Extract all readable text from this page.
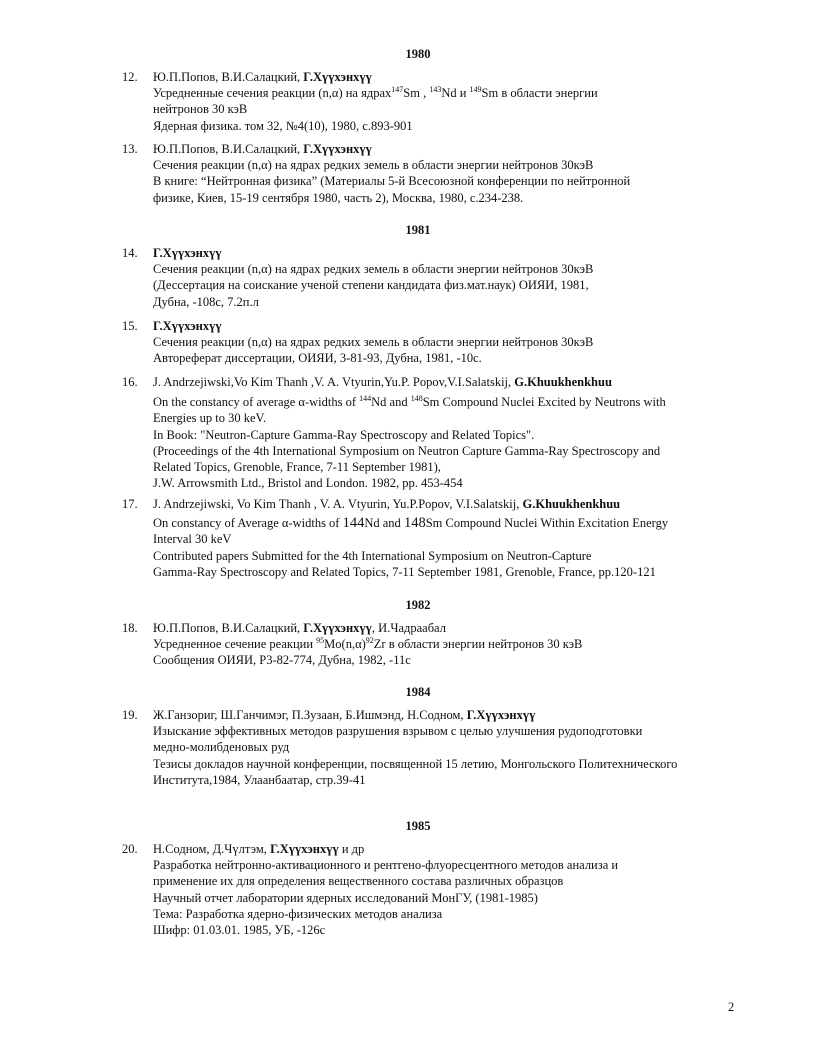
1980
12.	Ю.П.Попов, В.И.Салацкий, Г.Хүүхэнхүү
Усредненные сечения реакции (n,α) на ядрах$^{147}$Sm , $^{143}$Nd и $^{149}$Sm в области энергии
нейтронов 30 кэВ
Ядерная физика. том 32, №4(10), 1980, с.893-901
13.	Ю.П.Попов, В.И.Салацкий, Г.Хүүхэнхүү
Сечения реакции (n,α) на ядрах редких земель в области энергии нейтронов 30кэВ
В книге: “Нейтронная физика” (Материалы 5-й Всесоюзной конференции по нейтронной
физике, Киев, 15-19 сентября 1980, часть 2), Москва, 1980, с.234-238.
1981
14.	Г.Хүүхэнхүү
Сечения реакции (n,α) на ядрах редких земель в области энергии нейтронов 30кэВ
(Дессертация на соискание ученой степени кандидата физ.мат.наук) ОИЯИ, 1981,
Дубна, -108с, 7.2п.л
15.	Г.Хүүхэнхүү
Сечения реакции (n,α) на ядрах редких земель в области энергии нейтронов 30кэВ
Автореферат диссертации, ОИЯИ, 3-81-93, Дубна, 1981, -10с.
16.	J. Andrzejiwski,Vo Kim Thanh ,V. A. Vtyurin,Yu.P. Popov,V.I.Salatskij, G.Khuukhenkhuu
On the constancy of average α-widths of $^{144}$Nd and $^{148}$Sm Compound Nuclei Excited by Neutrons with
Energies up to 30 keV.
In Book: "Neutron-Capture Gamma-Ray Spectroscopy and Related Topics".
(Proceedings of the 4th International Symposium on Neutron Capture Gamma-Ray Spectroscopy and
Related Topics, Grenoble, France, 7-11 September 1981),
J.W. Arrowsmith Ltd., Bristol and London. 1982, pp. 453-454
17.	J. Andrzejiwski, Vo Kim Thanh , V. A. Vtyurin, Yu.P.Popov, V.I.Salatskij, G.Khuukhenkhuu
On constancy of Average α-widths of 144Nd and 148Sm Compound Nuclei Within Excitation Energy
Interval 30 keV
Contributed papers Submitted for the 4th International Symposium on Neutron-Capture
Gamma-Ray Spectroscopy and Related Topics, 7-11 September 1981, Grenoble, France, pp.120-121
1982
18.	Ю.П.Попов, В.И.Салацкий, Г.Хүүхэнхүү, И.Чадраабал
Усредненное сечение реакции $^{95}Mo(n,\alpha)^{92}Zr$ в области энергии нейтронов 30 кэВ
Сообщения ОИЯИ, Р3-82-774, Дубна, 1982, -11с
1984
19.	Ж.Ганзориг, Ш.Ганчимэг, П.Зузаан, Б.Ишмэнд, Н.Содном, Г.Хүүхэнхүү
Изыскание эффективных методов разрушения взрывом с целью улучшения рудоподготовки
медно-молибденовых руд
Тезисы докладов научной конференции, посвященной 15 летию, Монгольского Политехнического
Института,1984, Улаанбаатар, стр.39-41
1985
20.	Н.Содном, Д.Чүлтэм, Г.Хүүхэнхүү и др
Разработка нейтронно-активационного и рентгено-флуоресцентного методов анализа и
применение их для определения вещественного состава различных образцов
Научный отчет лаборатории ядерных исследований МонГУ, (1981-1985)
Тема: Разработка ядерно-физических методов анализа
Шифр: 01.03.01. 1985, УБ, -126с
2
